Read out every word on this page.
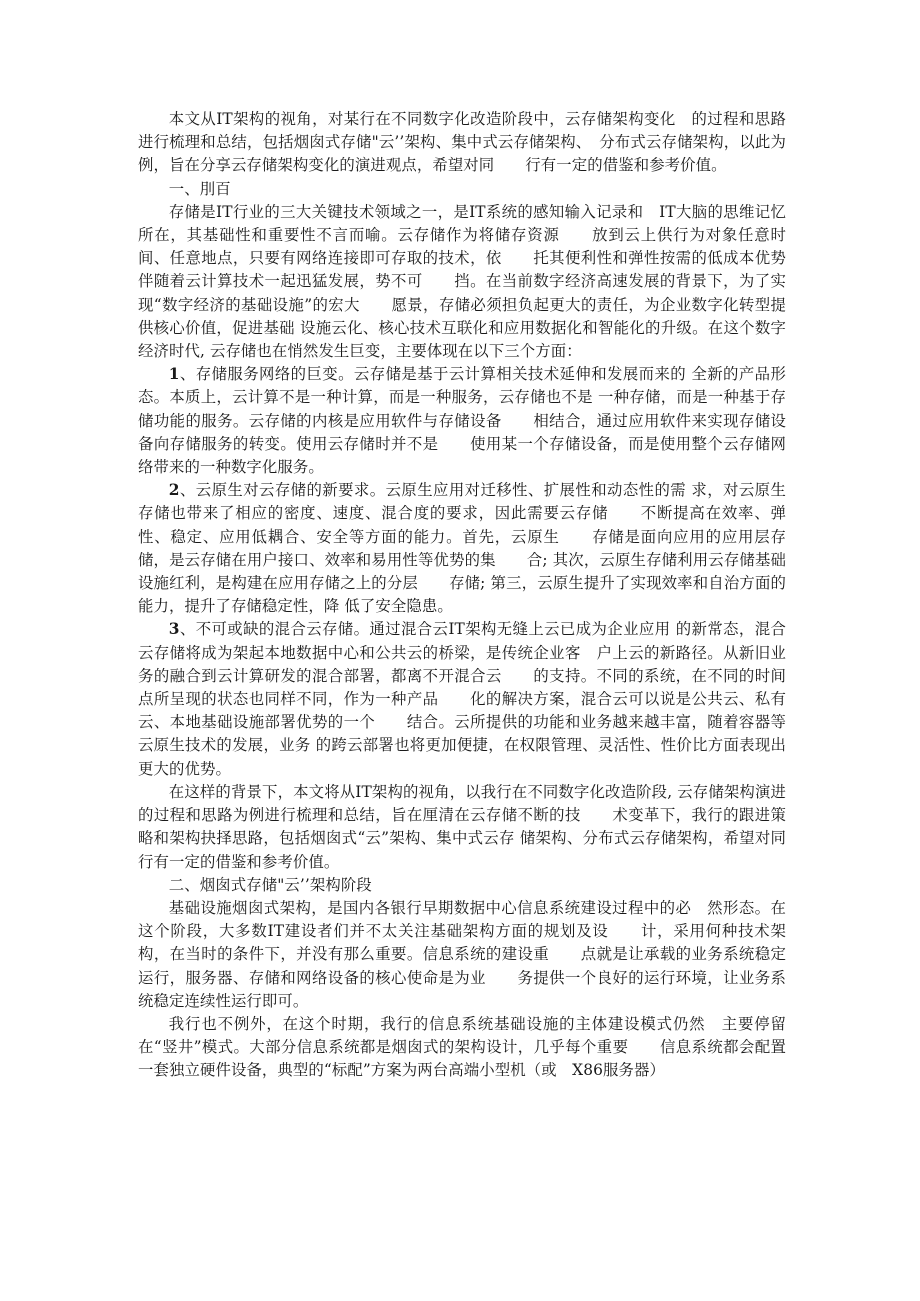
本文从IT架构的视角，对某行在不同数字化改造阶段中，云存储架构变化　的过程和思路进行梳理和总结，包括烟囱式存储"云’’架构、集中式云存储架构、　分布式云存储架构，以此为例，旨在分享云存储架构变化的演进观点，希望对同　　行有一定的借鉴和参考价值。

一、刖百

存储是IT行业的三大关键技术领域之一，是IT系统的感知输入记录和　IT大脑的思维记忆所在，其基础性和重要性不言而喻。云存储作为将储存资源　　放到云上供行为对象任意时间、任意地点，只要有网络连接即可存取的技术，依　　托其便利性和弹性按需的低成本优势伴随着云计算技术一起迅猛发展，势不可　　挡。在当前数字经济高速发展的背景下，为了实现“数字经济的基础设施”的宏大　　愿景，存储必须担负起更大的责任，为企业数字化转型提供核心价值，促进基础 设施云化、核心技术互联化和应用数据化和智能化的升级。在这个数字经济时代, 云存储也在悄然发生巨变，主要体现在以下三个方面：

1、存储服务网络的巨变。云存储是基于云计算相关技术延伸和发展而来的 全新的产品形态。本质上，云计算不是一种计算，而是一种服务，云存储也不是 一种存储，而是一种基于存储功能的服务。云存储的内核是应用软件与存储设备　　相结合，通过应用软件来实现存储设备向存储服务的转变。使用云存储时并不是　　使用某一个存储设备，而是使用整个云存储网络带来的一种数字化服务。

2、云原生对云存储的新要求。云原生应用对迁移性、扩展性和动态性的需 求，对云原生存储也带来了相应的密度、速度、混合度的要求，因此需要云存储　　不断提高在效率、弹性、稳定、应用低耦合、安全等方面的能力。首先，云原生　　存储是面向应用的应用层存储，是云存储在用户接口、效率和易用性等优势的集　　合; 其次，云原生存储利用云存储基础设施红利，是构建在应用存储之上的分层　　存储; 第三，云原生提升了实现效率和自治方面的能力，提升了存储稳定性，降 低了安全隐患。

3、不可或缺的混合云存储。通过混合云IT架构无缝上云已成为企业应用 的新常态，混合云存储将成为架起本地数据中心和公共云的桥梁，是传统企业客　户上云的新路径。从新旧业务的融合到云计算研发的混合部署，都离不开混合云　　的支持。不同的系统，在不同的时间点所呈现的状态也同样不同，作为一种产品　　化的解决方案，混合云可以说是公共云、私有云、本地基础设施部署优势的一个　　结合。云所提供的功能和业务越来越丰富，随着容器等云原生技术的发展，业务 的跨云部署也将更加便捷，在权限管理、灵活性、性价比方面表现出更大的优势。

在这样的背景下，本文将从IT架构的视角，以我行在不同数字化改造阶段, 云存储架构演进的过程和思路为例进行梳理和总结，旨在厘清在云存储不断的技　　术变革下，我行的跟进策略和架构抉择思路，包括烟囱式“云”架构、集中式云存 储架构、分布式云存储架构，希望对同行有一定的借鉴和参考价值。

二、烟囱式存储"云’’架构阶段

基础设施烟囱式架构，是国内各银行早期数据中心信息系统建设过程中的必　然形态。在这个阶段，大多数IT建设者们并不太关注基础架构方面的规划及设　　计，采用何种技术架构，在当时的条件下，并没有那么重要。信息系统的建设重　　点就是让承载的业务系统稳定运行，服务器、存储和网络设备的核心使命是为业　　务提供一个良好的运行环境，让业务系统稳定连续性运行即可。

我行也不例外，在这个时期，我行的信息系统基础设施的主体建设模式仍然　主要停留在“竖井”模式。大部分信息系统都是烟囱式的架构设计，几乎每个重要　　信息系统都会配置一套独立硬件设备，典型的“标配”方案为两台高端小型机（或　X86服务器）
